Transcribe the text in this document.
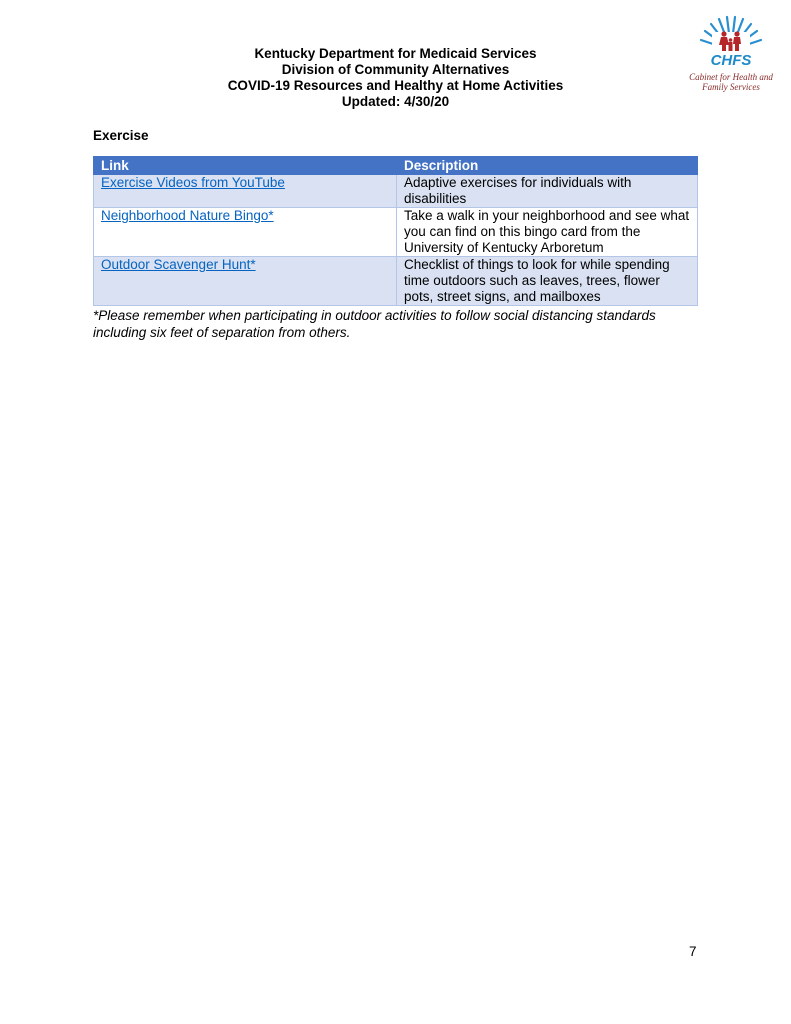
Kentucky Department for Medicaid Services
Division of Community Alternatives
COVID-19 Resources and Healthy at Home Activities
Updated: 4/30/20
CHFS
Cabinet for Health and
Family Services
Exercise
Link	Description
Exercise Videos from YouTube	Adaptive exercises for individuals with disabilities
Neighborhood Nature Bingo*	Take a walk in your neighborhood and see what you can find on this bingo card from the University of Kentucky Arboretum
Outdoor Scavenger Hunt*	Checklist of things to look for while spending time outdoors such as leaves, trees, flower pots, street signs, and mailboxes
*Please remember when participating in outdoor activities to follow social distancing standards including six feet of separation from others.
7
